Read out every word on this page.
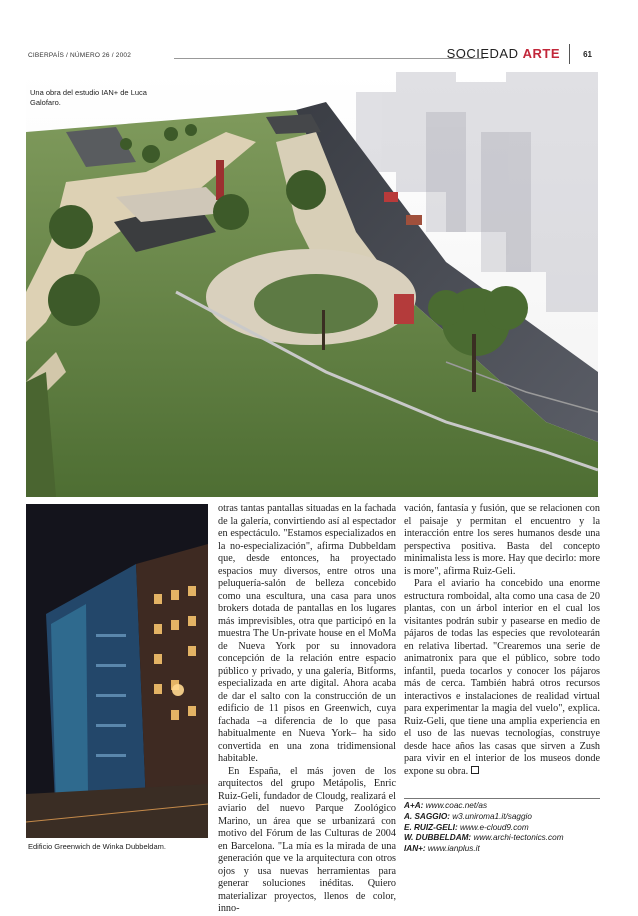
CIBERPAÍS / NÚMERO 26 / 2002	SOCIEDAD ARTE	61
Una obra del estudio IAN+ de Luca Galofaro.
Edificio Greenwich de Winka Dubbeldam.

otras tantas pantallas situadas en la fachada de la galería, convirtiendo así al espectador en espectáculo. "Estamos especializados en la no-especialización", afirma Dubbeldam que, desde entonces, ha proyectado espacios muy diversos, entre otros una peluquería-salón de belleza concebido como una escultura, una casa para unos brokers dotada de pantallas en los lugares más imprevisibles, otra que participó en la muestra The Un-private house en el MoMa de Nueva York por su innovadora concepción de la relación entre espacio público y privado, y una galería, Bitforms, especializada en arte digital. Ahora acaba de dar el salto con la construcción de un edificio de 11 pisos en Greenwich, cuya fachada –a diferencia de lo que pasa habitualmente en Nueva York– ha sido convertida en una zona tridimensional habitable.

En España, el más joven de los arquitectos del grupo Metápolis, Enric Ruiz-Geli, fundador de Cloudg, realizará el aviario del nuevo Parque Zoológico Marino, un área que se urbanizará con motivo del Fórum de las Culturas de 2004 en Barcelona. "La mía es la mirada de una generación que ve la arquitectura con otros ojos y usa nuevas herramientas para generar soluciones inéditas. Quiero materializar proyectos, llenos de color, inno-

vación, fantasía y fusión, que se relacionen con el paisaje y permitan el encuentro y la interacción entre los seres humanos desde una perspectiva positiva. Basta del concepto minimalista less is more. Hay que decirlo: more is more", afirma Ruiz-Geli.

Para el aviario ha concebido una enorme estructura romboidal, alta como una casa de 20 plantas, con un árbol interior en el cual los visitantes podrán subir y pasearse en medio de pájaros de todas las especies que revolotearán en relativa libertad. "Crearemos una serie de animatronix para que el público, sobre todo infantil, pueda tocarlos y conocer los pájaros más de cerca. También habrá otros recursos interactivos e instalaciones de realidad virtual para experimentar la magia del vuelo", explica. Ruiz-Geli, que tiene una amplia experiencia en el uso de las nuevas tecnologías, construye desde hace años las casas que sirven a Zush para vivir en el interior de los museos donde expone su obra.

A+A: www.coac.net/as
A. SAGGIO: w3.uniroma1.it/saggio
E. RUIZ-GELI: www.e-cloud9.com
W. DUBBELDAM: www.archi-tectonics.com
IAN+: www.ianplus.it
